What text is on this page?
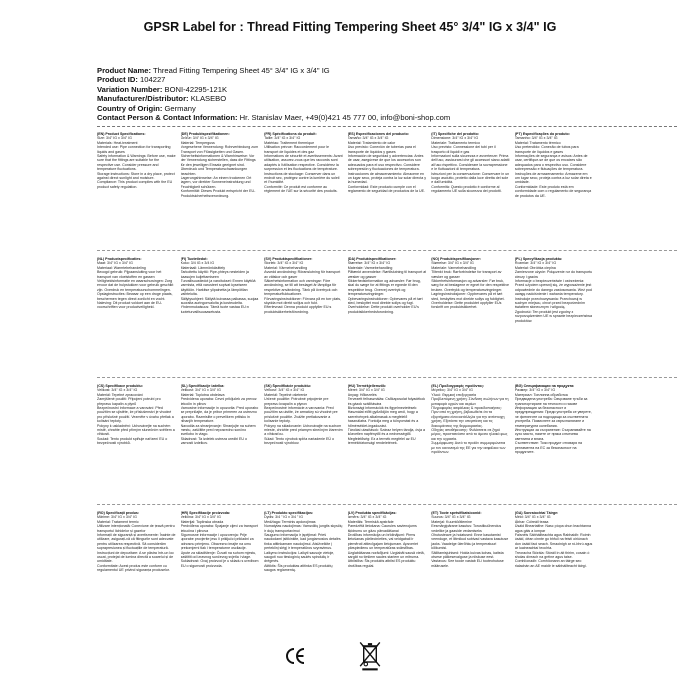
GPSR Label for : Thread Fitting Tempering Sheet 45° 3/4" IG x 3/4" IG
Product Name: Thread Fitting Tempering Sheet 45° 3/4" IG x 3/4" IG
Product ID: 104227
Variation Number: BONI-42295-121K
Manufacturer/Distributor: KLASEBO
Country of Origin: Germany
Contact Person & Contact Information: Hr. Stanislav Maer, +49(0)421 45 777 00, info@boni-shop.com
(EN) Product Specifications:
Size: 3/4" IG x 3/4" IG
Materials: Heat-treatment
Intended use: Pipe connection for transporting liquids and gases
Safety information & Warnings: Before use, make sure that the fittings are suitable for the respective use. Consider pressure and temperature fluctuations.
Storage instructions: Store in a dry place, protect against direct sunlight and moisture.
Compliance: This product complies with the EU product safety regulation.
(DE) Produktspezifikationen:
Größe: 3/4" IG x 3/4" IG
Material: Temperguss
Vorgesehene Verwendung: Rohrverbindung zum Transport von Flüssigkeiten und Gasen.
Sicherheitsinformationen & Warnhinweise: Vor der Verwendung sicherstellen, dass die Fittings für den jeweiligen Einsatz geeignet sind. Überdruck und Temperaturschwankungen beachten.
Lagerungshinweise: An einem trockenen Ort lagern, vor direkter Sonneneinstrahlung und Feuchtigkeit schützen.
Konformität: Dieses Produkt entspricht der EU-Produktsicherheitsverordnung.
(FR) Spécifications du produit:
Taille: 3/4" IG x 3/4" IG
Matériau: Traitement thermique
Utilisation prévue: Raccordement pour le transport de liquides et des gaz
Informations de sécurité et avertissements: Avant utilisation, assurez-vous que les raccords sont adaptés à l'utilisation respective. Considérez la surpression et les fluctuations de température.
Instructions de stockage: Conserver dans un endroit sec, protégez contre la lumière du soleil et l'humidité.
Conformité: Ce produit est conforme au règlement de l'UE sur la sécurité des produits.
(ES) Especificaciones del producto:
Tamaño: 3/4" IG x 3/4" IG
Material: Tratamiento de calor
Uso previsto: Conexión de tuberías para el transporte de líquidos y gases
Información de seguridad y advertencias: Antes de usar, asegúrese de que los accesorios son adecuados para el uso respectivo. Considere sobrepresión y fluctuaciones de temperatura.
Instrucciones de almacenamiento: Almacene en un lugar seco, proteja contra la luz solar directa y la humedad.
Conformidad: Este producto cumple con el reglamento de seguridad de productos de la UE.
(IT) Specifiche del prodotto:
Dimensione: 3/4" IG x 3/4" IG
Materiale: Trattamento termico
Uso previsto: Connessione dei tubi per il trasporto di liquidi e gas
Informazioni sulla sicurezza e avvertenze: Prima dell'uso, assicurarsi che gli accessori siano adatti all'uso rispettivo. Considerare la sovrapressione e le fluttuazioni di temperatura.
Istruzioni per la conservazione: Conservare in un luogo asciutto, protetto dalla luce diretta del sole e dall'umidità.
Conformità: Questo prodotto è conforme al regolamento UE sulla sicurezza dei prodotti.
(PT) Especificações do produto:
Tamanho: 3/4" IG x 3/4" IG
Material: Tratamento térmico
Uso pretendido: Conexão de tubos para transporte de líquidos e gases
Informações de segurança e avisos: Antes de usar, certifique-se de que os encaixes são adequados para o respectivo uso. Considere sobrepressão e flutuações de temperatura.
Instruções de armazenamento: Armazene em um lugar seco, proteja contra a luz solar direta e umidade.
Conformidade: Este produto está em conformidade com o regulamento de segurança de produtos da UE.
(NL) Productspecificaties:
Maat: 3/4" IG x 3/4" IG
Materiaal: Warmtebehandeling
Beoogd gebruik: Pijpaansluiting voor het transport van vloeistoffen en gassen
Veiligheidsinformatie en waarschuwingen: Zorg ervoor dat de hulpstukken voor gebruik geschikt zijn. Overdruk en temperatuurschommelingen.
Opslaginstructies: Bewaar op een droge plaats, beschermen tegen direct zonlicht en vocht.
Naleving: Dit product voldoet aan de EU-voorschriften voor productveiligheid.
(FI) Tuotetiedot:
Koko: 3/4 IG x 3/4 IG
Materiaali: Lämmönkäsittely
Tarkoitettu käyttö: Pipe-yhteys nesteiden ja kaasujen kuljettamiseen
Turvallisuustiedot ja varoitukset: Ennen käyttöä varmista, että varusteet sopivat kyseiseen käyttöön. Harkitse ylipainetta ja lämpötilan vaihteluita.
Säilytysohjeet: Säilytä kuivassa paikassa, suojaa suoralta auringonvalolta ja kosteudelta.
Yhdenmukaisuus: Tämä tuote vastaa EU:n tuoteturvallisuusasetusta.
(SV) Produktspecifikationer:
Storlek: 3/4" IG x 3/4" IG
Material: Värmebehandling
Avsedd användning: Röranslutning för transport av vätskor och gaser
Säkerhetsinformation och varningar: Före användning, se till att beslaget är lämpliga för respektive användning. Tänk på övertryck och temperaturfluktuationer.
Förvaringsinstruktioner: Förvara på en torr plats, skydda mot direkt solljus och fukt.
Efterlevnad: Denna produkt uppfyller EU:s produktsäkerhetsförordning.
(DA) Produktspecifikationer:
Størrelse: 3/4" IG x 3/4" IG
Materiale: Varmebehandling
Påtænkt anvendelse: Rørtilslutning til transport af væsker og gasser
Sikkerhedsinformation og advarsler: Før brug, skal du sørge for at fittings er egnede til den respektive brug. Overvej overtryk og temperatursvingninger.
Opbevaringsinstruktioner: Opbevares på et tørt sted, beskyttet mod direkte sollys og fugt.
Overholdelse: Dette produkt overholder EU's produktsikkerhedsforordning.
(NO) Produktspesifikasjoner:
Størrelse: 3/4" IG x 3/4" IG
Materiale: Varmebehandling
Tiltenkt bruk: Rørforbindelse for transport av væsker og gasser
Sikkerhetsinformasjon og advarsler: Før bruk, sørg for at beslagene er egnet for den respektive bruken. Overtrykk og temperatursvingninger.
Lagringsinstruksjoner: Oppbevares på et tørt sted, beskyttes mot direkte sollys og fuktighet.
Overholdelse: Dette produktet oppfyller EUs forskrift om produktsikkerhet.
(PL) Specyfikacja produktu:
Rozmiar: 3/4" IG x 3/4" IG
Materiał: Obróbka cieplna
Zamierzone użycie: Połączenie rur do transportu cieczy i gazów
Informacje o bezpieczeństwie i ostrzeżenia: Przed użyciem upewnij się, że wyposażenie jest odpowiednie do danego zastosowania. Weź pod uwagę nadciśnienie i wahania temperatury.
Instrukcje przechowywania: Przechowuj w suchym miejscu, chroń przed bezpośrednim światłem słonecznym i wilgocią.
Zgodność: Ten produkt jest zgodny z rozporządzeniem UE w sprawie bezpieczeństwa produktów.
(CS) Specifikace produktu:
Velikost: 3/4" IG x 3/4" IG
Materiál: Tepelné zpracování
Zamýšlené použití: Připojení potrubí pro přepravu kapalin a plynů
Bezpečnostní informace a varování: Před použitím se ujistěte, že příslušenství je vhodné pro příslušné použití. Vezměte v úvahu přetlak a kolísání teploty.
Pokyny k uskladnění: Uchovávejte na suchém místě, chraňte před přímým slunečním světlem a vlhkostí.
Soulad: Tento produkt splňuje nařízení EU o bezpečnosti výrobků.
(SL) Specifikacije izdelka:
Velikost: 3/4" IG x 3/4" IG
Material: Toplotna obdelava
Predvidena uporaba: Cevni priključek za prevoz tekočin in plinov
Varnostne informacije in opozorila: Pred uporabo se prepričajte, da je pribor primeren za ustrezno uporabo. Razmislite o prevelikem pritisku in nihanjih temperature.
Navodila za shranjevanje: Shranjujte na suhem mestu, zaščitite pred neposredno sončno svetlobo in vlago.
Skladnost: Ta izdelek ustreza uredbi EU o varnosti izdelkov.
(SK) Špecifikácie produktu:
Veľkosť: 3/4" IG x 3/4" IG
Materiál: Tepelné ošetrenie
Určené použitie: Potrubné pripojenie pre prepravu kvapalín a plynov
Bezpečnostné informácie a varovania: Pred použitím sa uistite, že armatúry sú vhodné pre príslušné použitie. Zvážte pretlakovanie a kolísanie teploty.
Pokyny na skladovanie: Uchovávajte na suchom mieste, chráňte pred priamym slnečným žiarením a vlhkosťou.
Súlad: Tento výrobok spĺňa nariadenie EÚ o bezpečnosti výrobkov.
(HU) Termékjellemzők:
Méret: 3/4" IG x 3/4" IG
Anyag: Hőkezelés
Tervezett felhasználás: Csőkapcsolat folyadékok és gázok szállítására
Biztonsági információk és figyelmeztetések: Használat előtt győződjön meg arról, hogy a szerelvények alkalmasak a megfelelő használatra. Fontolja meg a túlnyomást és a hőmérséklet-ingadozást.
Tárolási utasítások: Száraz helyen tárolja, óvja a közvetlen napfénytől és a nedvességtől.
Megfelelőség: Ez a termék megfelel az EU termékbiztonsági rendeletének.
(EL) Προδιαγραφές προϊόντος:
Μέγεθος: 3/4" IG x 3/4" IG
Υλικό: Θερμική επεξεργασία
Προβλεπόμενη χρήση: Σύνδεση σωλήνων για τη μεταφορά υγρών και αερίων
Πληροφορίες ασφάλειας & προειδοποιήσεις: Πριν από τη χρήση, βεβαιωθείτε ότι τα εξαρτήματα είναι κατάλληλα για την αντίστοιχη χρήση. Εξετάστε την υπερπίεση και τις διακυμάνσεις της θερμοκρασίας.
Οδηγίες αποθήκευσης: Φυλάσσετε σε ξηρό μέρος, προστατεύστε από το άμεσο ηλιακό φως και την υγρασία.
Συμμόρφωση: Αυτό το προϊόν συμμορφώνεται με τον κανονισμό της ΕΕ για την ασφάλεια των προϊόντων.
(BG) Спецификации на продукта:
Размер: 3/4" IG x 3/4" IG
Материал: Топлинна обработка
Предвидена употреба: Свързване тръби за транспортиране на течности и газове
Информация за безопасност и предупреждения: Преди употреба се уверете, че фитингите са подходящи за съответната употреба. Помислете за свръхналягане и температурни колебания.
Инструкции за съхранение: Съхранявайте на сухо място, пазете от пряка слънчева светлина и влага.
Съответствие: Този продукт отговаря на регламента на ЕС за безопасност на продуктите.
(RO) Specificații produs:
Mărime: 3/4" IG x 3/4" IG
Material: Tratament termic
Utilizare intenționată: Conexiune de țeavă pentru transportul lichidelor și gazelor
Informații de siguranță și avertismente: Înainte de utilizare, asigurați-vă că fitingurile sunt adecvate pentru utilizarea respectivă. Să considerăm suprapresiunea și fluctuațiile de temperatură.
Instrucțiuni de depozitare: A se păstra într-un loc uscat, protejat de lumina directă a soarelui și de umiditate.
Conformitate: Acest produs este conform cu regulamentul UE privind siguranța produselor.
(HR) Specifikacije proizvoda:
Veličina: 3/4" IG x 3/4" IG
Materijal: Toplinska obrada
Predviđena uporaba: Spajanje cijevi za transport tekućina i plinova
Sigurnosne informacije i upozorenja: Prije uporabe provjerite jesu li priključci prikladni za odnosnu primjenu. Obavezno imajte na umu prekomjerni tlak i temperaturne oscilacije.
Upute za skladištenje: Čuvati na suhom mjestu, zaštititi od izravnog sunčevog svjetla i vlage.
Sukladnost: Ovaj proizvod je u skladu s uredbom EU o sigurnosti proizvoda.
(LT) Produkto specifikacijos:
Dydis: 3/4 " IG x 3/4 " IG
Medžiaga: Terminis apdorojimas
Numatytas naudojimas: Vamzdžių jungtis skysčių ir dujų transportavimui
Saugumo informacija ir įspėjimai: Prieš naudodami įsitikinkite, kad jungiamosios detalės tinka atitinkamam naudojimui. Atsižvelkite į perteklinį slėgį ir temperatūros svyravimus.
Laikymo instrukcijos: Laikyti sausoje vietoje, saugoti nuo tiesioginių saulės spindulių ir drėgmės.
Atitiktis: Šis produktas atitinka ES produktų saugos reglamentą.
(LV) Produkta specifikācijas:
Izmērs: 3/4" IG x 3/4" IG
Materiāls: Termiskā apstrāde
Paredzētā lietošana: Caurules savienojums šķidrumu un gāzu pārvadāšanai
Drošības informācija un brīdinājumi: Pirms lietošanas pārliecinieties, vai veidgabali ir piemēroti attiecīgajam lietojumam. Apsveriet pārspiedienu un temperatūras svārstības.
Uzglabāšanas norādījumi: Uzglabāt sausā vietā, sargāt no tiešiem saules stariem un mitruma.
Atbilstība: Šis produkts atbilst ES produktu drošības regulai.
(ET) Toote spetsifikatsioonid:
Suurus: 3/4" IG x 3/4" IG
Materjal: Kuumtöötlemine
Eesmärgipärane kasutus: Torustikuühendus vedelike ja gaaside vedamiseks
Ohutusteave ja hoiatused: Enne kasutamist veenduge, et liitmikud sobivad vastava kasutuse jaoks. Vaadelge ülerõhku ja temperatuuri kõikumisi.
Säilitamisjuhised: Hoida kuivas kohas, kaitsta otsese päikesevalguse ja niiskuse eest.
Vastavus: See toode vastab ELi tooteohutuse määrusele.
(GA) Sonraíochtaí Táirge:
Méid: 3/4" IG x 3/4" IG
Ábhar: Cóireáil teasa
Úsáid Bheartaithe: Nasc píopa chun leachtanna agus gáis a iompar
Faisnéis Sábháilteachta agus Rabhaidh: Roimh úsáid, déan cinnte go bhfuil na feistí oiriúnach don úsáid faoi seach. Smaoinigh ar ró-bhrú agus ar luaineachtaí teochta.
Treoracha Stórála: Stóráil in áit thirim, cosain ó sholas díreach na gréine agus taise.
Comhlíonadh: Comhlíonann an táirge seo rialachán an AE maidir le sábháilteacht táirgí.
